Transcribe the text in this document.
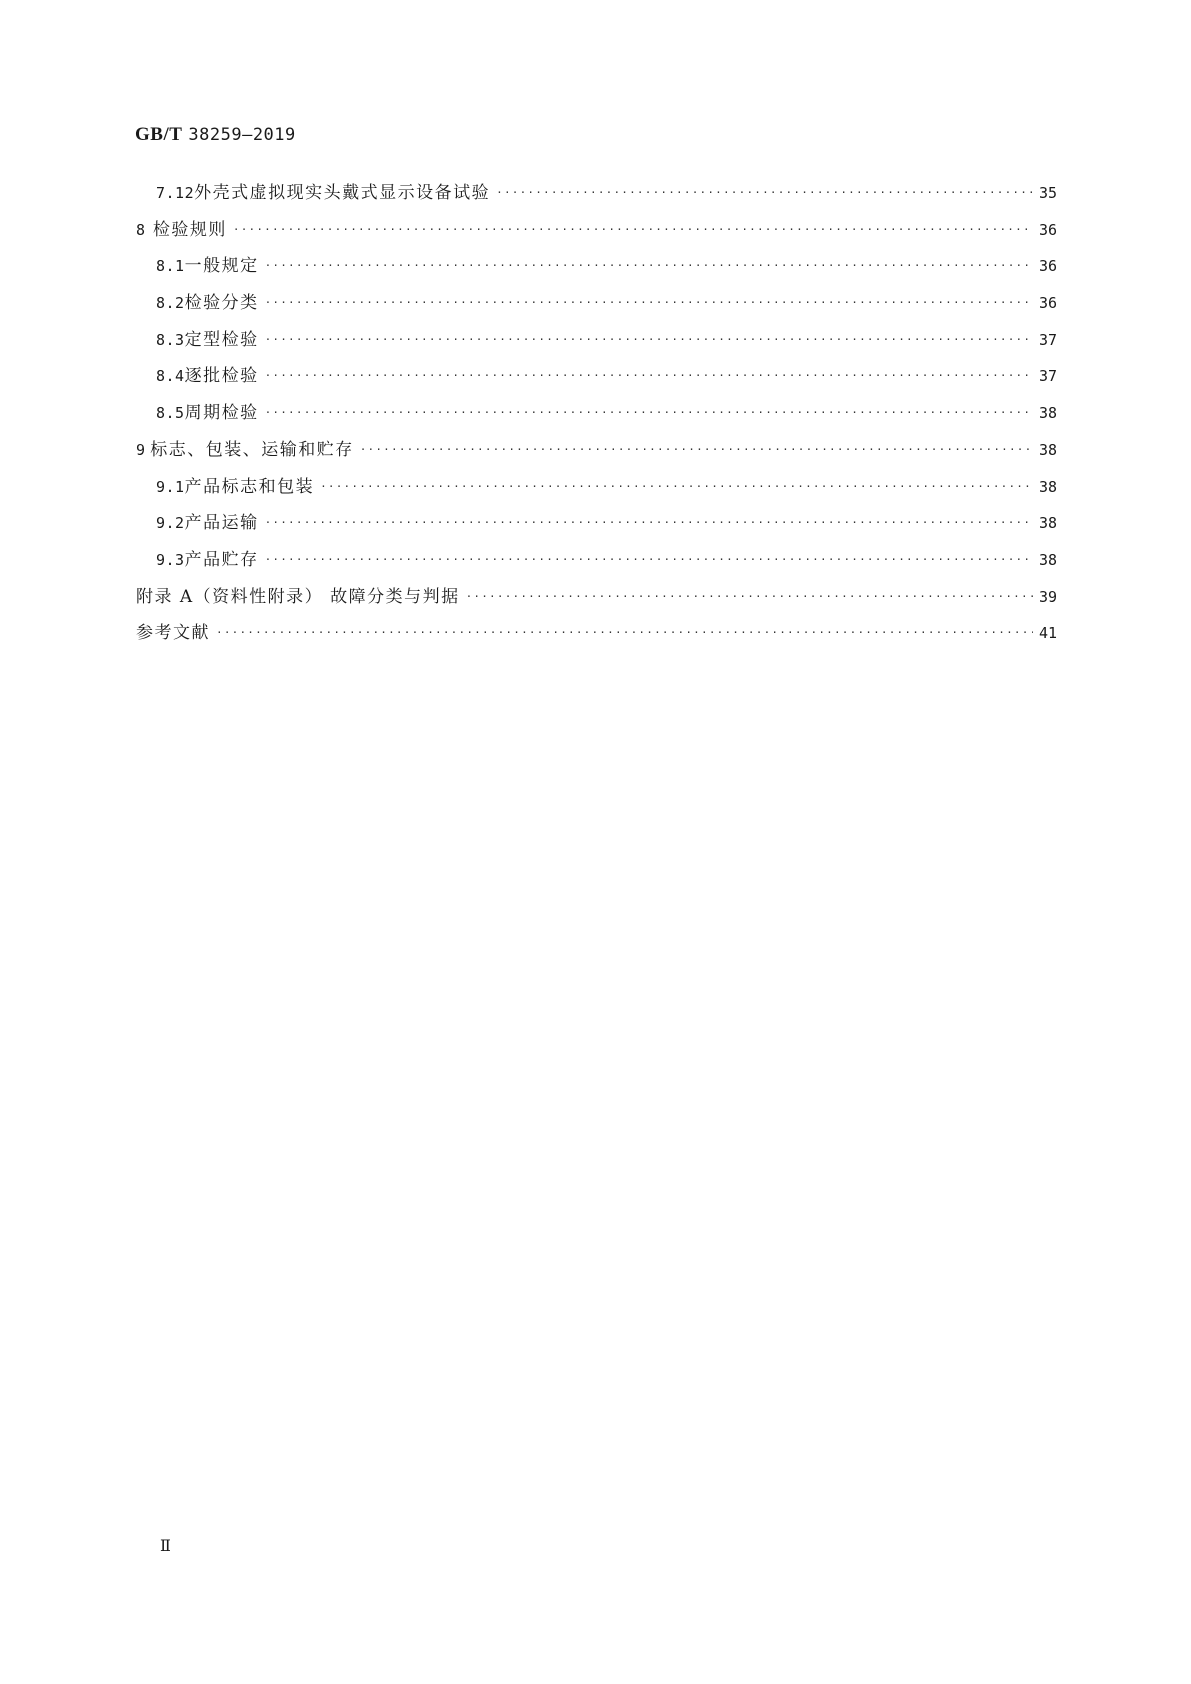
GB/T 38259—2019
7.12 外壳式虚拟现实头戴式显示设备试验 ·····	35
8 检验规则 ·····	36
8.1 一般规定 ·····	36
8.2 检验分类 ·····	36
8.3 定型检验 ·····	37
8.4 逐批检验 ·····	37
8.5 周期检验 ·····	38
9 标志、包装、运输和贮存 ·····	38
9.1 产品标志和包装 ·····	38
9.2 产品运输 ·····	38
9.3 产品贮存 ·····	38
附录 A（资料性附录） 故障分类与判据 ·····	39
参考文献 ·····	41
Ⅱ
